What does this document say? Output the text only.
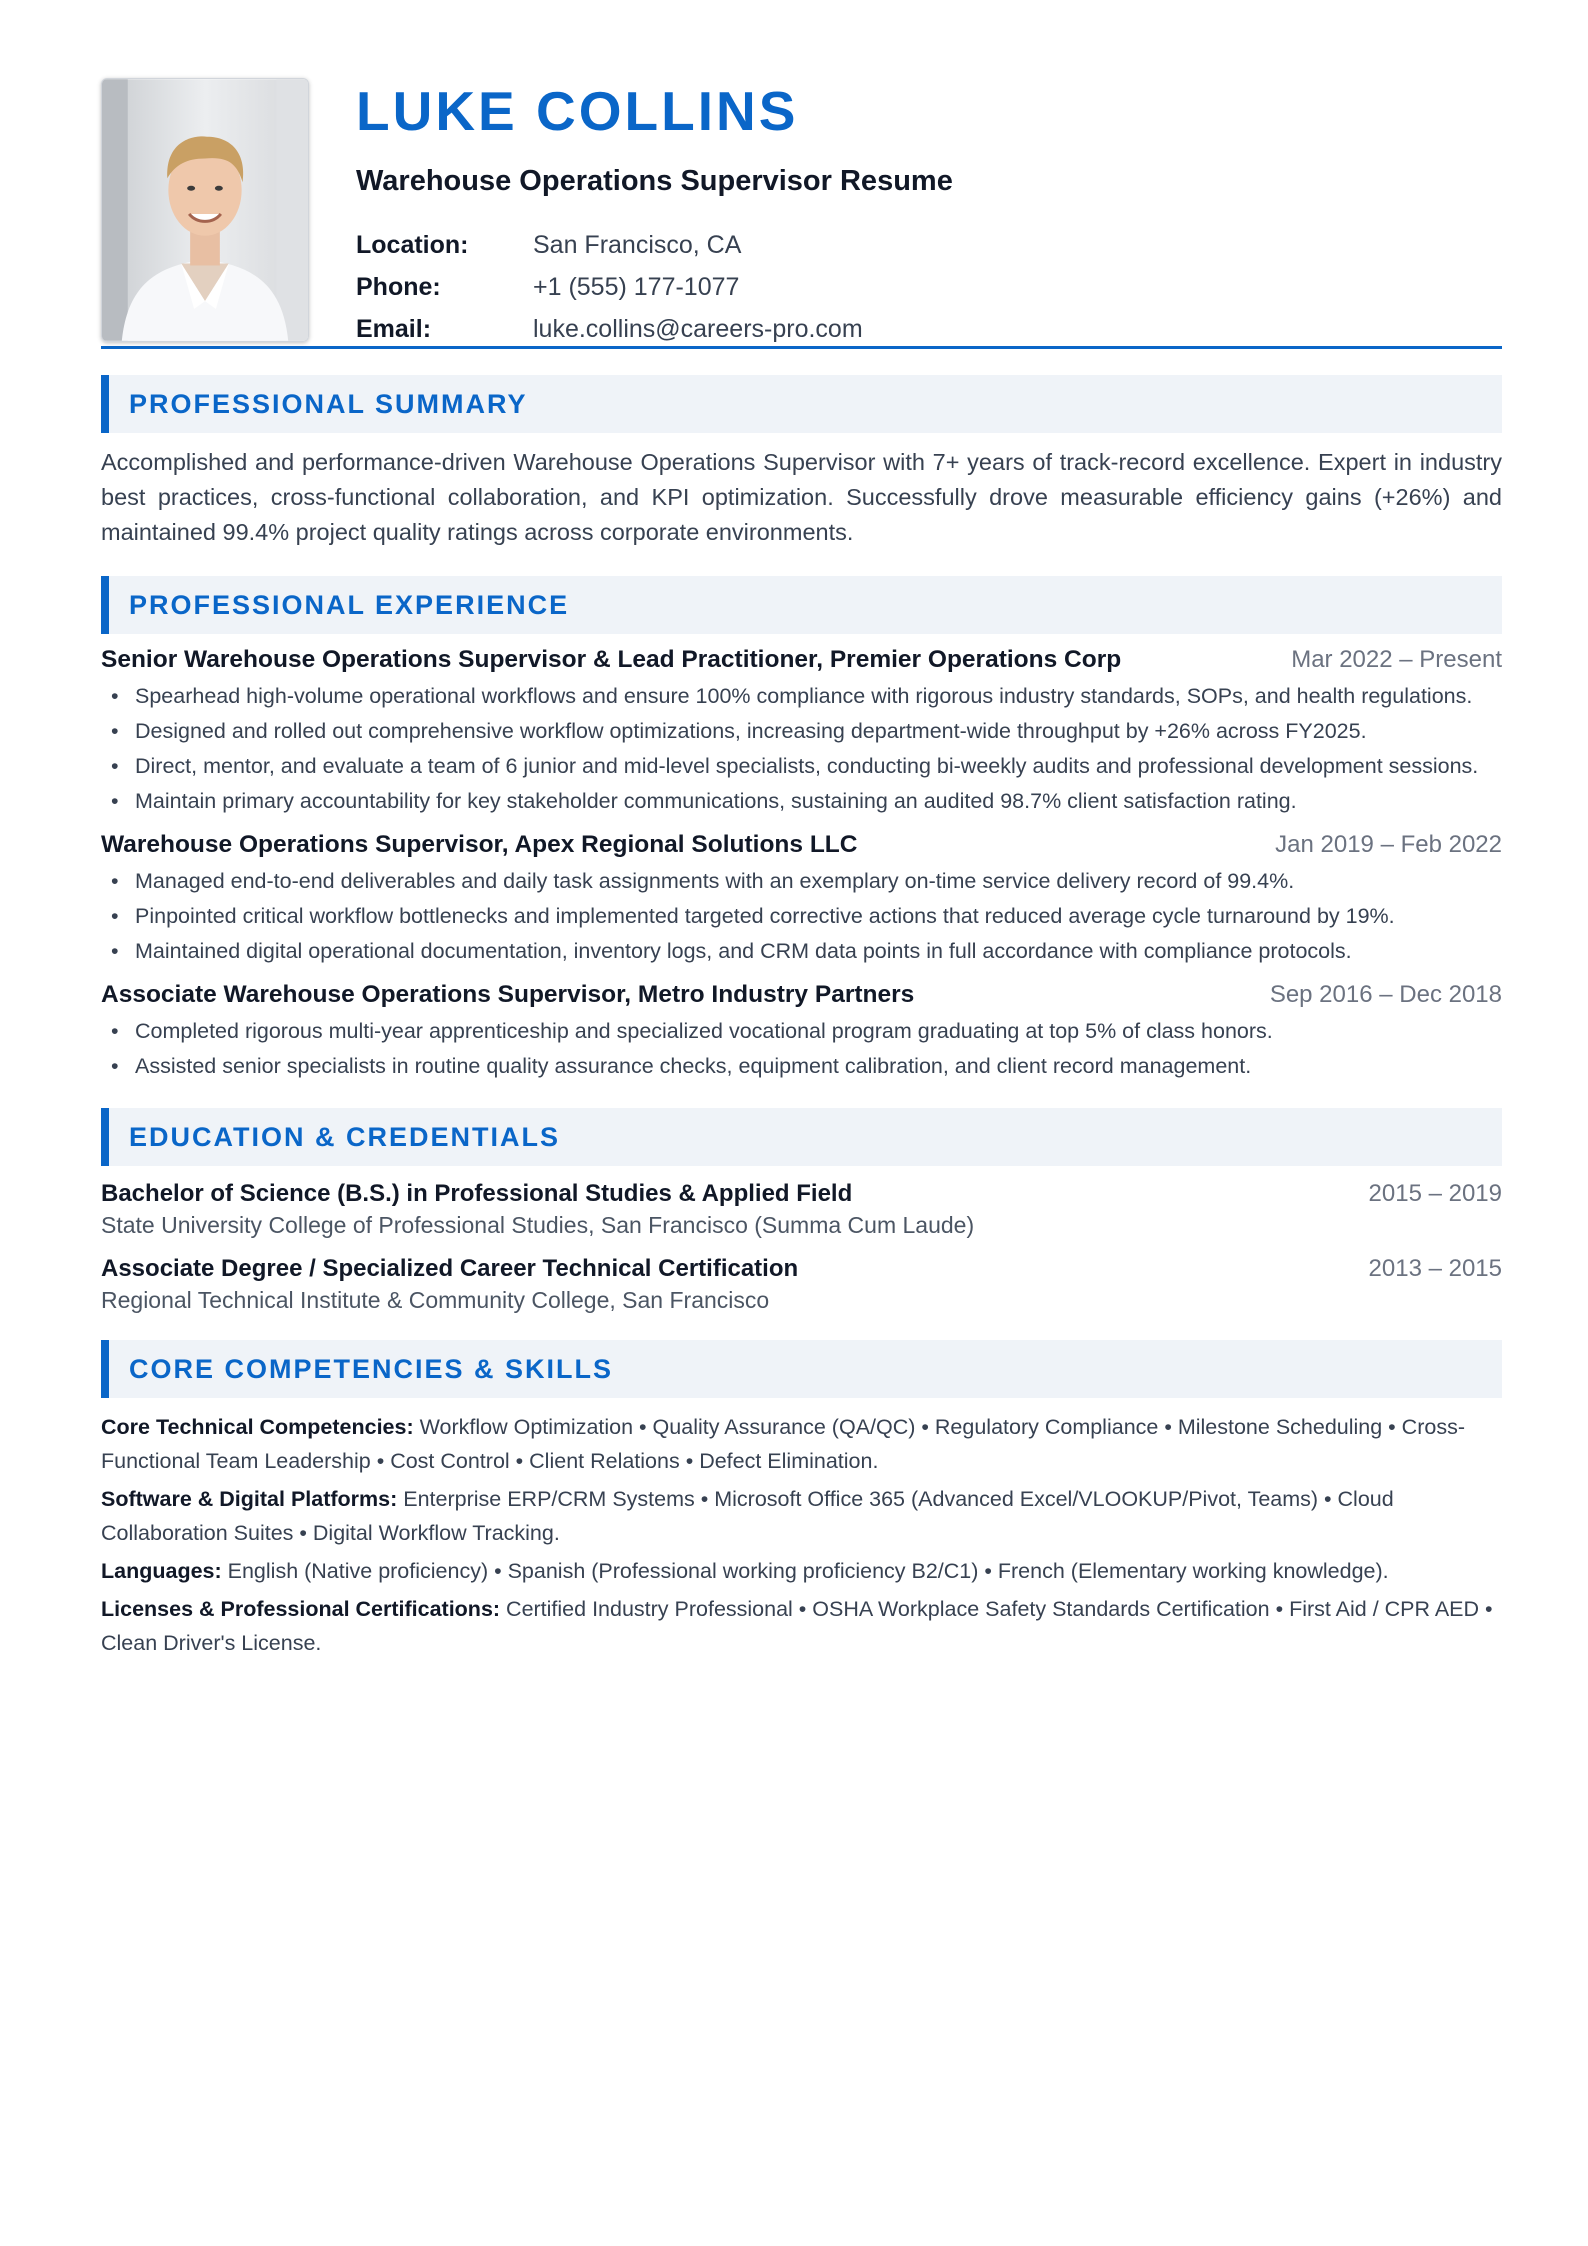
LUKE COLLINS
Warehouse Operations Supervisor Resume
Location:	San Francisco, CA
Phone:	+1 (555) 177-1077
Email:	luke.collins@careers-pro.com
PROFESSIONAL SUMMARY

Accomplished and performance-driven Warehouse Operations Supervisor with 7+ years of track-record excellence. Expert in industry best practices, cross-functional collaboration, and KPI optimization. Successfully drove measurable efficiency gains (+26%) and maintained 99.4% project quality ratings across corporate environments.

PROFESSIONAL EXPERIENCE
Senior Warehouse Operations Supervisor & Lead Practitioner, Premier Operations Corp	Mar 2022 – Present
• Spearhead high-volume operational workflows and ensure 100% compliance with rigorous industry standards, SOPs, and health regulations.
• Designed and rolled out comprehensive workflow optimizations, increasing department-wide throughput by +26% across FY2025.
• Direct, mentor, and evaluate a team of 6 junior and mid-level specialists, conducting bi-weekly audits and professional development sessions.
• Maintain primary accountability for key stakeholder communications, sustaining an audited 98.7% client satisfaction rating.
Warehouse Operations Supervisor, Apex Regional Solutions LLC	Jan 2019 – Feb 2022
• Managed end-to-end deliverables and daily task assignments with an exemplary on-time service delivery record of 99.4%.
• Pinpointed critical workflow bottlenecks and implemented targeted corrective actions that reduced average cycle turnaround by 19%.
• Maintained digital operational documentation, inventory logs, and CRM data points in full accordance with compliance protocols.
Associate Warehouse Operations Supervisor, Metro Industry Partners	Sep 2016 – Dec 2018
• Completed rigorous multi-year apprenticeship and specialized vocational program graduating at top 5% of class honors.
• Assisted senior specialists in routine quality assurance checks, equipment calibration, and client record management.
EDUCATION & CREDENTIALS
Bachelor of Science (B.S.) in Professional Studies & Applied Field	2015 – 2019
State University College of Professional Studies, San Francisco (Summa Cum Laude)
Associate Degree / Specialized Career Technical Certification	2013 – 2015
Regional Technical Institute & Community College, San Francisco
CORE COMPETENCIES & SKILLS

Core Technical Competencies: Workflow Optimization • Quality Assurance (QA/QC) • Regulatory Compliance • Milestone Scheduling • Cross-Functional Team Leadership • Cost Control • Client Relations • Defect Elimination.

Software & Digital Platforms: Enterprise ERP/CRM Systems • Microsoft Office 365 (Advanced Excel/VLOOKUP/Pivot, Teams) • Cloud Collaboration Suites • Digital Workflow Tracking.

Languages: English (Native proficiency) • Spanish (Professional working proficiency B2/C1) • French (Elementary working knowledge).

Licenses & Professional Certifications: Certified Industry Professional • OSHA Workplace Safety Standards Certification • First Aid / CPR AED • Clean Driver's License.
